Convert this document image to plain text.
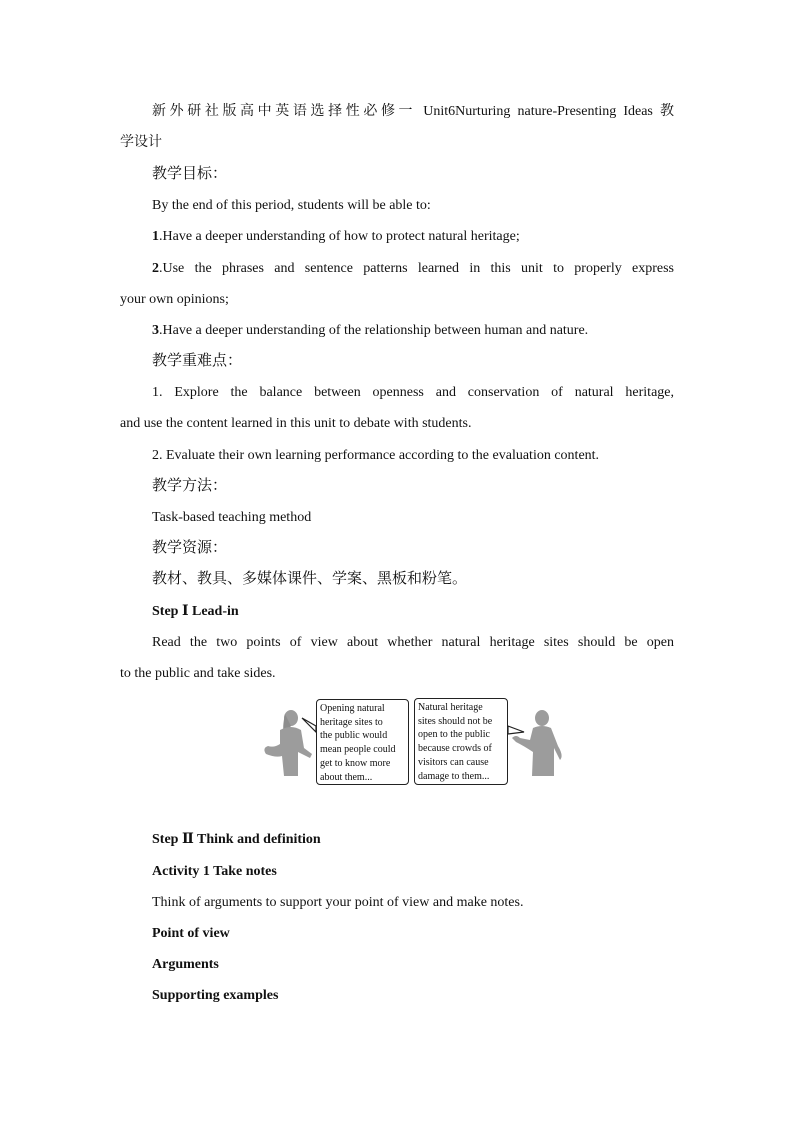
新外研社版高中英语选择性必修一 Unit6Nurturing nature-Presenting Ideas 教

学设计

教学目标：

By the end of this period, students will be able to:

1.Have a deeper understanding of how to protect natural heritage;

2.Use the phrases and sentence patterns learned in this unit to properly express

your own opinions;

3.Have a deeper understanding of the relationship between human and nature.

教学重难点：

1. Explore the balance between openness and conservation of natural heritage,

and use the content learned in this unit to debate with students.

2. Evaluate their own learning performance according to the evaluation content.

教学方法：

Task-based teaching method

教学资源：

教材、教具、多媒体课件、学案、黑板和粉笔。

Step Ⅰ Lead-in

Read the two points of view about whether natural heritage sites should be open

to the public and take sides.

Opening natural
heritage sites to
the public would
mean people could
get to know more
about them...
Natural heritage
sites should not be
open to the public
because crowds of
visitors can cause
damage to them...

Step Ⅱ Think and definition

Activity 1 Take notes

Think of arguments to support your point of view and make notes.

Point of view

Arguments

Supporting examples
